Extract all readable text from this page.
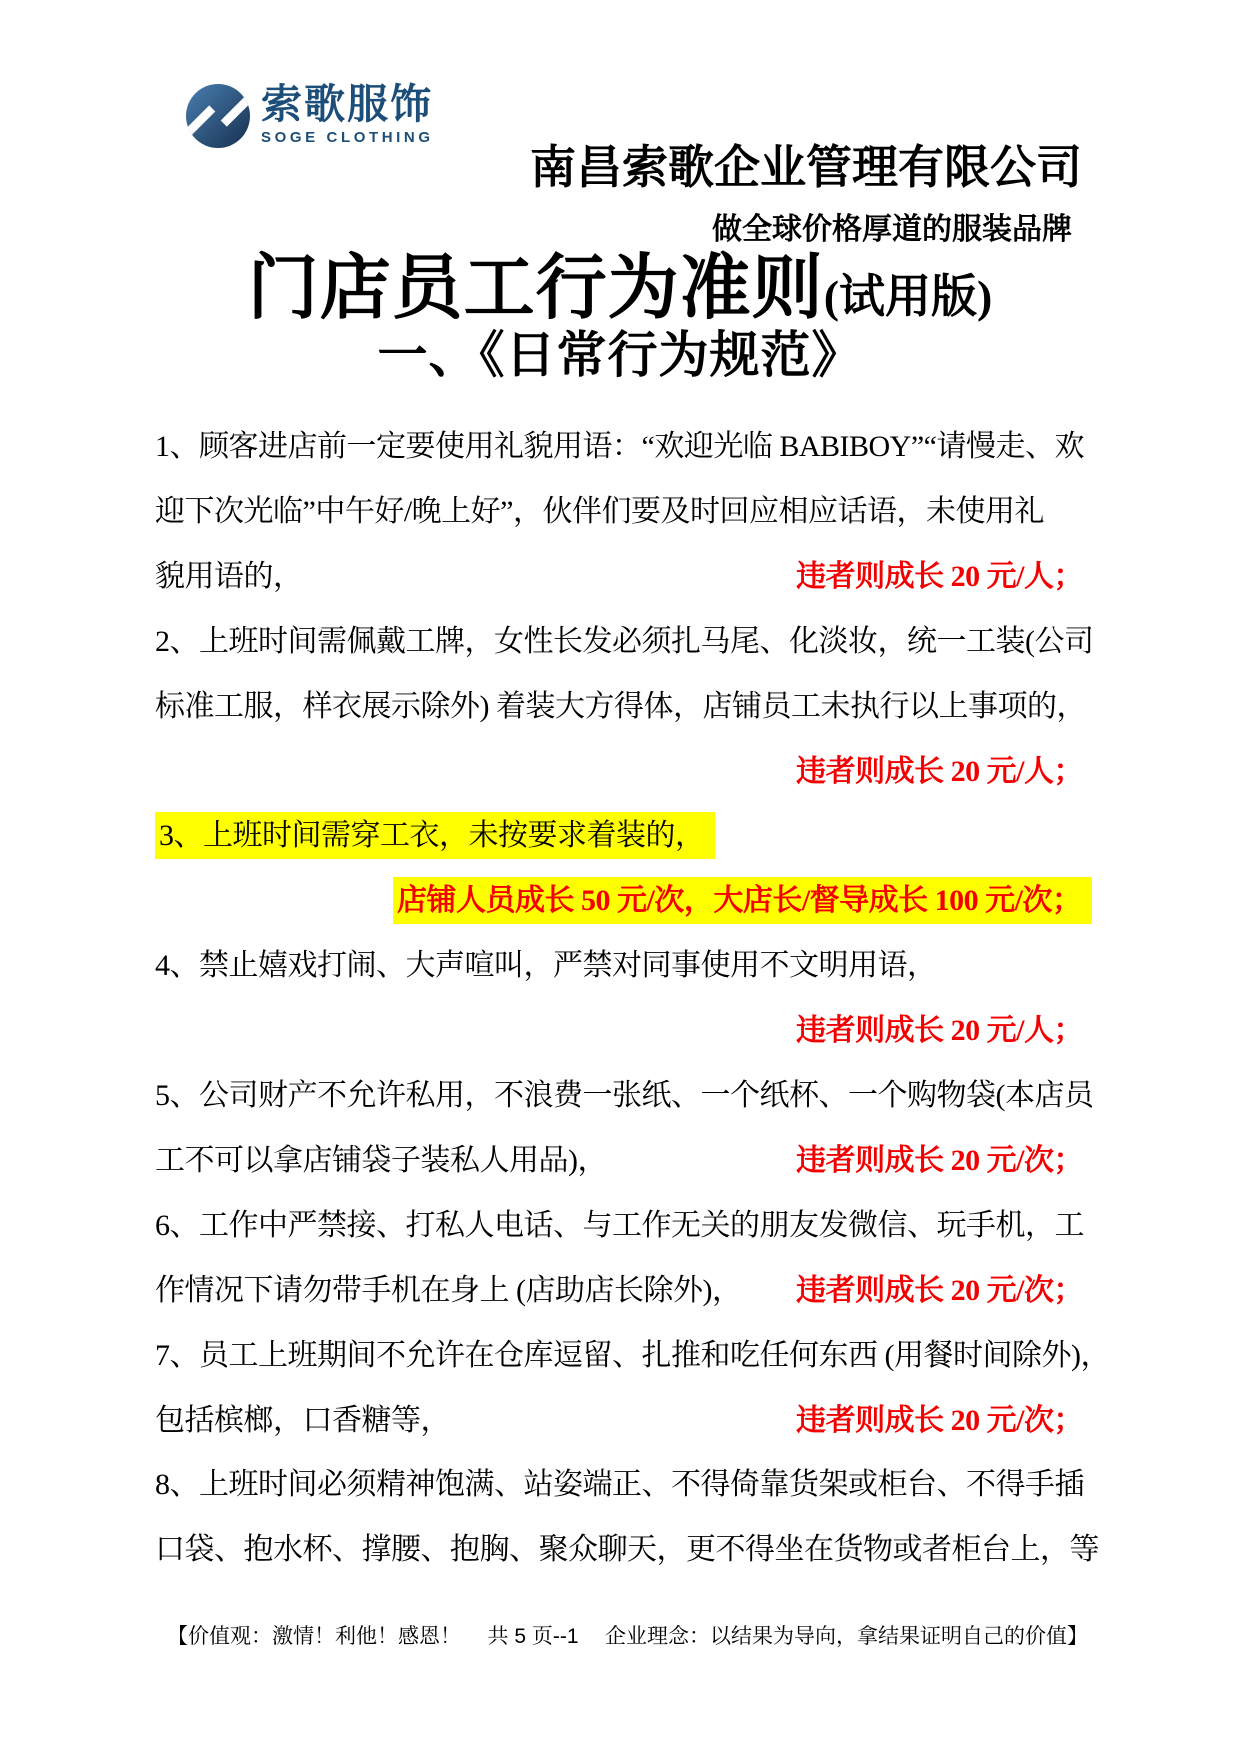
索歌服饰
SOGE CLOTHING
南昌索歌企业管理有限公司
做全球价格厚道的服装品牌
门店员工行为准则(试用版)
一、《日常行为规范》
1、顾客进店前一定要使用礼貌用语：“欢迎光临 BABIBOY”“请慢走、欢
迎下次光临”中午好/晚上好”，伙伴们要及时回应相应话语，未使用礼
貌用语的，	违者则成长 20 元/人；
2、上班时间需佩戴工牌，女性长发必须扎马尾、化淡妆，统一工装(公司
标准工服，样衣展示除外) 着装大方得体，店铺员工未执行以上事项的，
违者则成长 20 元/人；
3、上班时间需穿工衣，未按要求着装的，
店铺人员成长 50 元/次，大店长/督导成长 100 元/次；
4、禁止嬉戏打闹、大声喧叫，严禁对同事使用不文明用语，
违者则成长 20 元/人；
5、公司财产不允许私用，不浪费一张纸、一个纸杯、一个购物袋(本店员
工不可以拿店铺袋子装私人用品)，	违者则成长 20 元/次；
6、工作中严禁接、打私人电话、与工作无关的朋友发微信、玩手机，工
作情况下请勿带手机在身上 (店助店长除外)， 违者则成长 20 元/次；
7、员工上班期间不允许在仓库逗留、扎推和吃任何东西 (用餐时间除外)，
包括槟榔，口香糖等，	违者则成长 20 元/次；
8、上班时间必须精神饱满、站姿端正、不得倚靠货架或柜台、不得手插
口袋、抱水杯、撑腰、抱胸、聚众聊天，更不得坐在货物或者柜台上，等
【价值观：激情！利他！感恩！ 共 5 页--1 企业理念：以结果为导向，拿结果证明自己的价值】
